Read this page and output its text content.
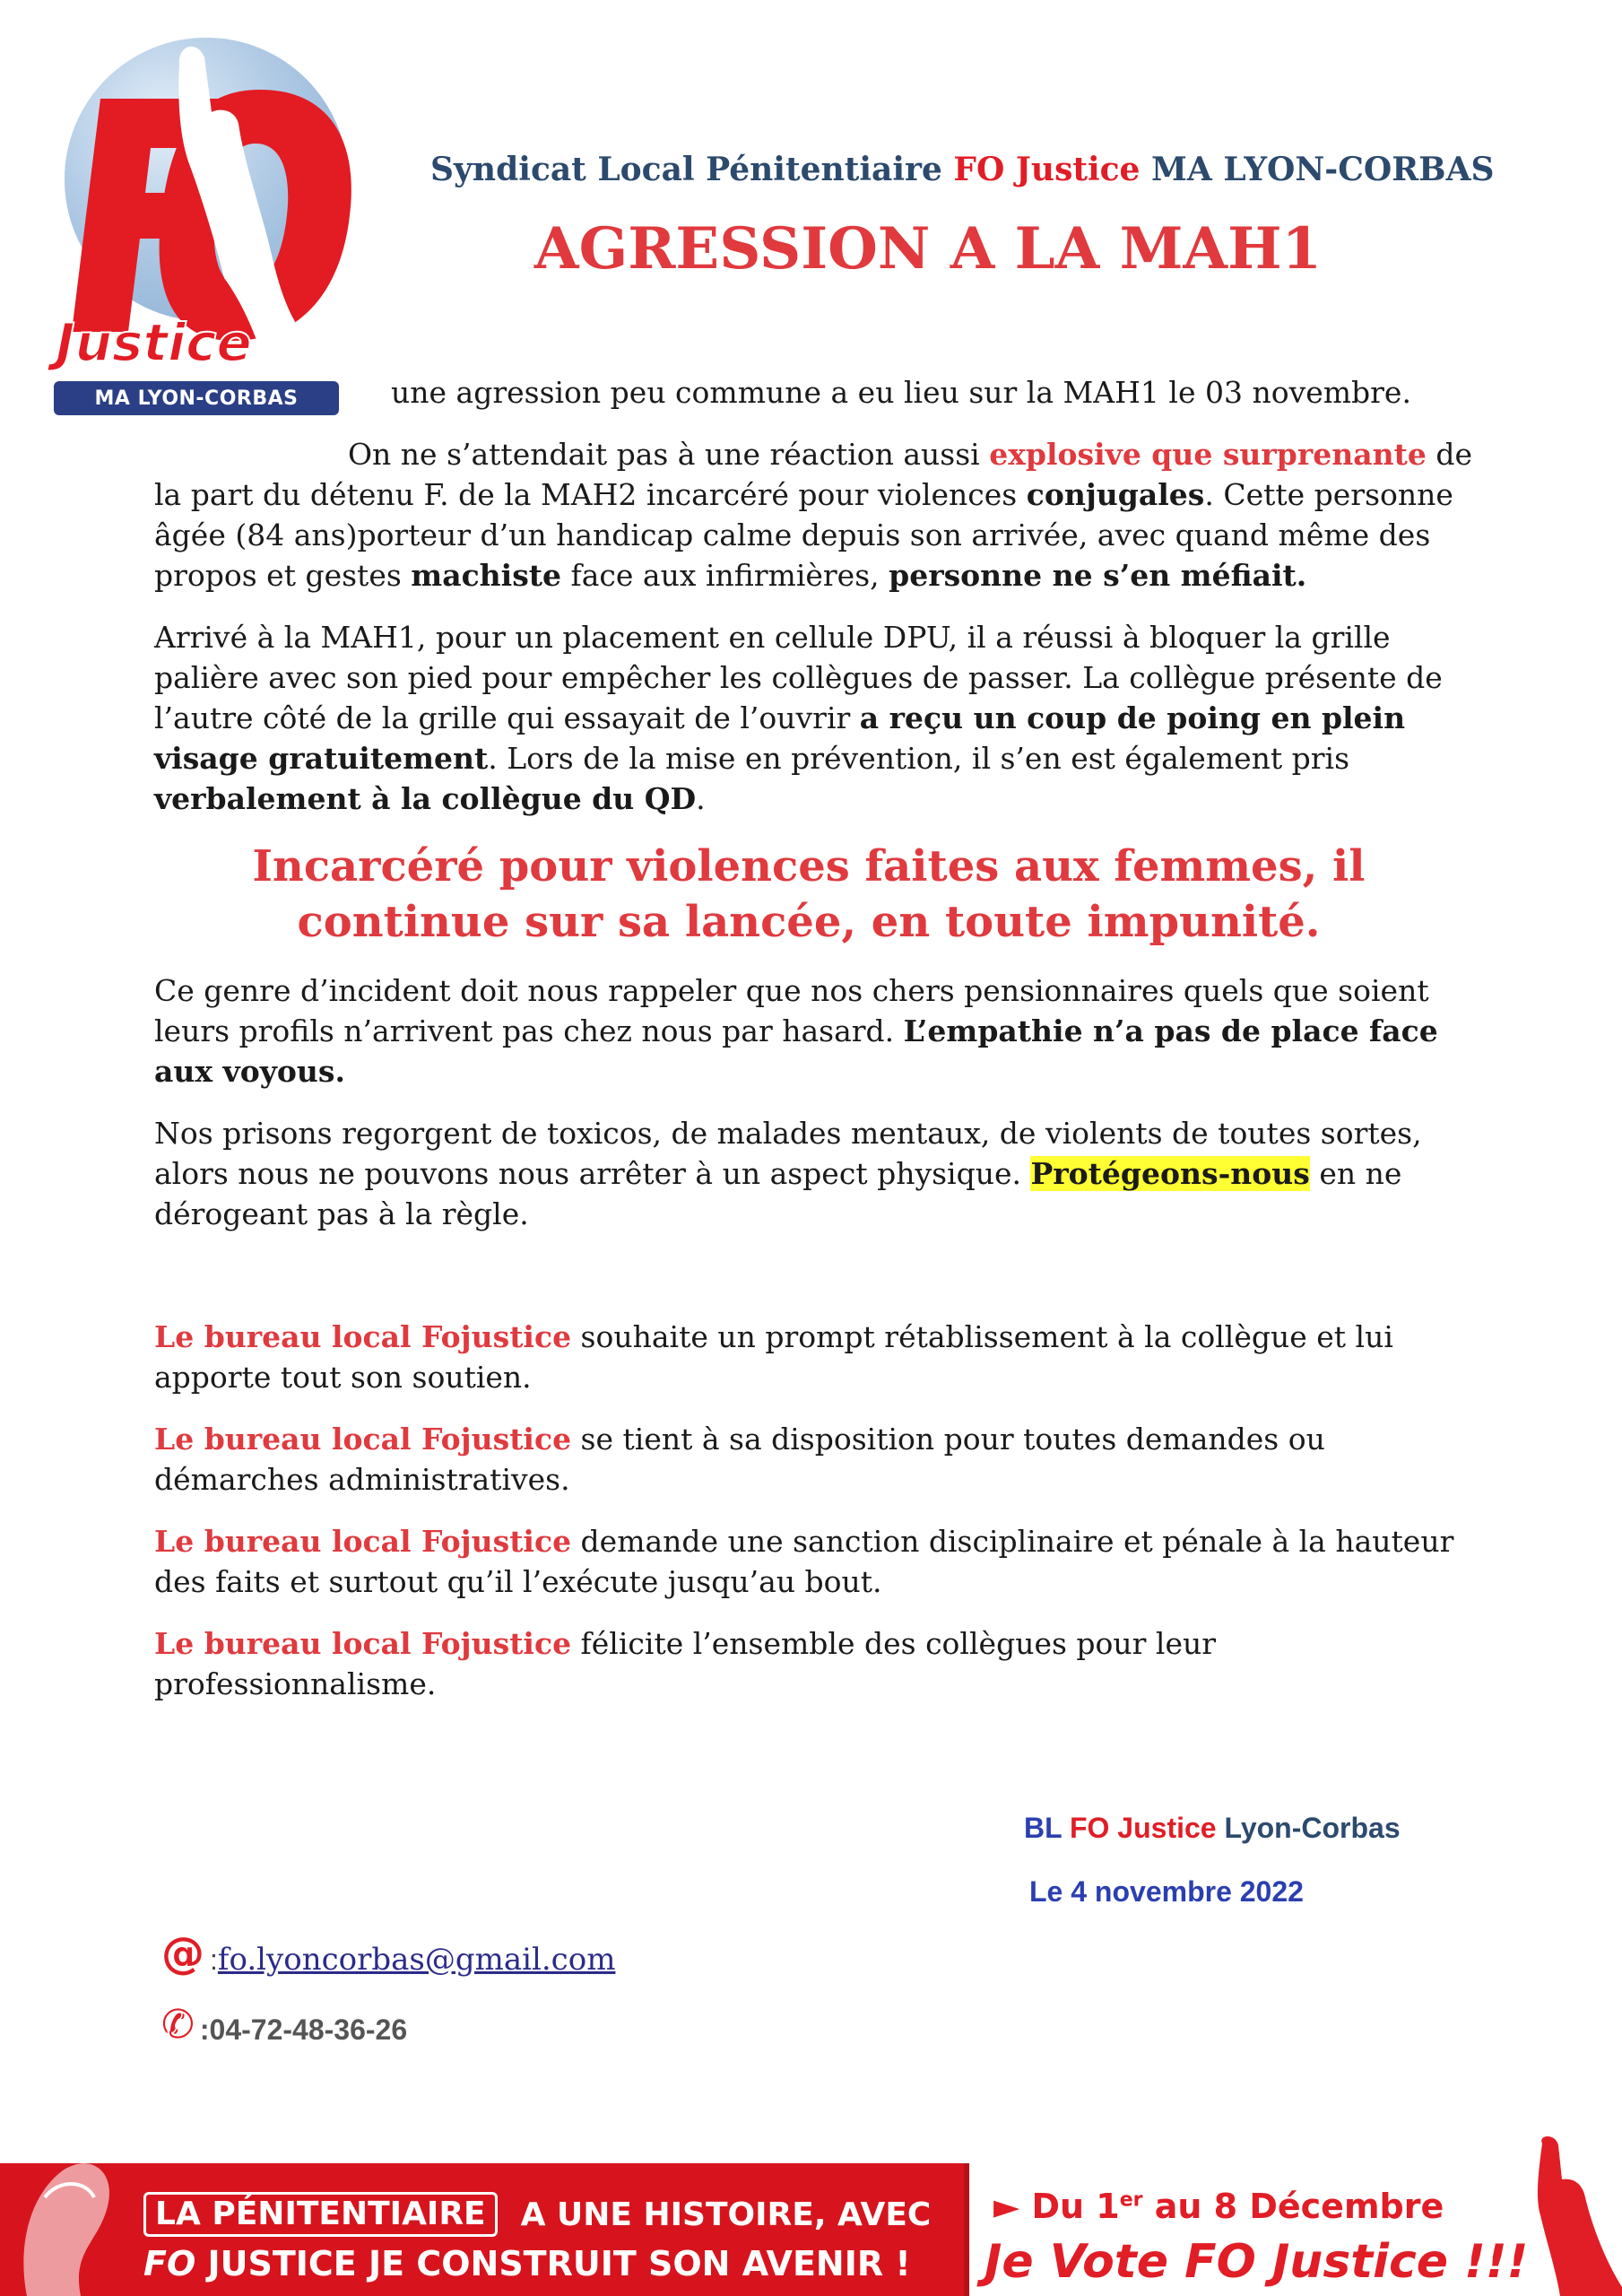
Justice
MA LYON-CORBAS
Syndicat Local Pénitentiaire FO Justice MA LYON-CORBAS
AGRESSION A LA MAH1
une agression peu commune a eu lieu sur la MAH1 le 03 novembre.
On ne s’attendait pas à une réaction aussi explosive que surprenante de la part du détenu F. de la MAH2 incarcéré pour violences conjugales. Cette personne âgée (84 ans)porteur d’un handicap calme depuis son arrivée, avec quand même des propos et gestes machiste face aux infirmières, personne ne s’en méfiait.
Arrivé à la MAH1, pour un placement en cellule DPU, il a réussi à bloquer la grille palière avec son pied pour empêcher les collègues de passer. La collègue présente de l’autre côté de la grille qui essayait de l’ouvrir a reçu un coup de poing en plein visage gratuitement. Lors de la mise en prévention, il s’en est également pris verbalement à la collègue du QD.
Incarcéré pour violences faites aux femmes, il continue sur sa lancée, en toute impunité.
Ce genre d’incident doit nous rappeler que nos chers pensionnaires quels que soient leurs profils n’arrivent pas chez nous par hasard. L’empathie n’a pas de place face aux voyous.
Nos prisons regorgent de toxicos, de malades mentaux, de violents de toutes sortes, alors nous ne pouvons nous arrêter à un aspect physique. Protégeons-nous en ne dérogeant pas à la règle.
Le bureau local Fojustice souhaite un prompt rétablissement à la collègue et lui apporte tout son soutien.
Le bureau local Fojustice se tient à sa disposition pour toutes demandes ou démarches administratives.
Le bureau local Fojustice demande une sanction disciplinaire et pénale à la hauteur des faits et surtout qu’il l’exécute jusqu’au bout.
Le bureau local Fojustice félicite l’ensemble des collègues pour leur professionnalisme.
BL FO Justice Lyon-Corbas
Le 4 novembre 2022
@ : fo.lyoncorbas@gmail.com
✆ :04-72-48-36-26
LA PÉNITENTIAIRE	A UNE HISTOIRE, AVEC
FO JUSTICE JE CONSTRUIT SON AVENIR !
► Du 1er au 8 Décembre
Je Vote FO Justice !!!
